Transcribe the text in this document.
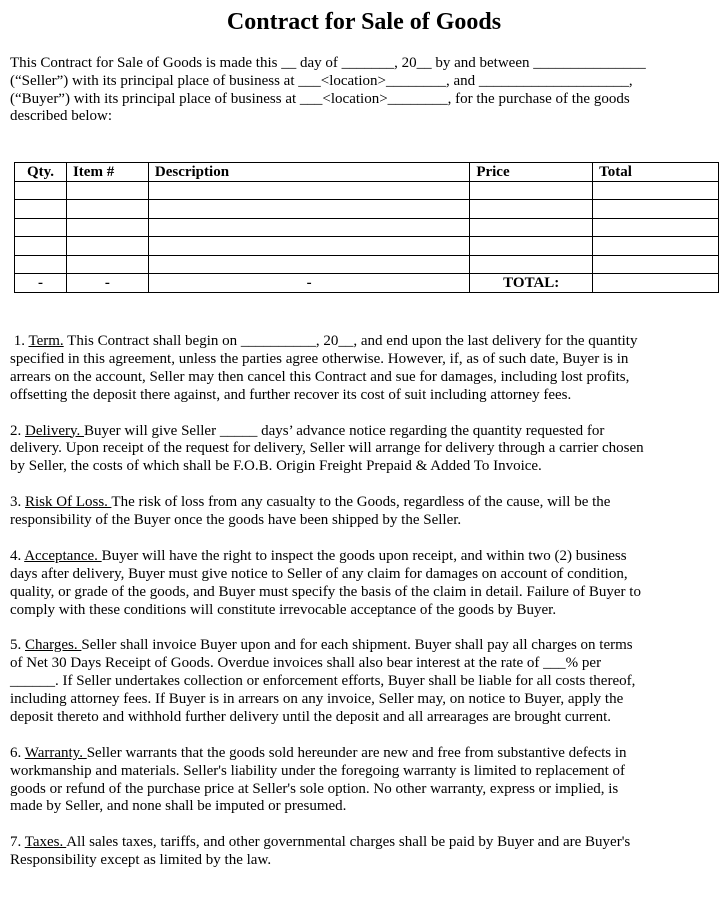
Contract for Sale of Goods

This Contract for Sale of Goods is made this __ day of _______, 20__ by and between _______________
(“Seller”) with its principal place of business at ___<location>________, and ____________________,
(“Buyer”) with its principal place of business at ___<location>________, for the purchase of the goods
described below:

Qty.	Item #	Description	Price	Total

-	-	-	TOTAL:	

1. Term. This Contract shall begin on __________, 20__, and end upon the last delivery for the quantity
specified in this agreement, unless the parties agree otherwise. However, if, as of such date, Buyer is in
arrears on the account, Seller may then cancel this Contract and sue for damages, including lost profits,
offsetting the deposit there against, and further recover its cost of suit including attorney fees.

2. Delivery. Buyer will give Seller _____ days’ advance notice regarding the quantity requested for
delivery. Upon receipt of the request for delivery, Seller will arrange for delivery through a carrier chosen
by Seller, the costs of which shall be F.O.B. Origin Freight Prepaid & Added To Invoice.

3. Risk Of Loss. The risk of loss from any casualty to the Goods, regardless of the cause, will be the
responsibility of the Buyer once the goods have been shipped by the Seller.

4. Acceptance. Buyer will have the right to inspect the goods upon receipt, and within two (2) business
days after delivery, Buyer must give notice to Seller of any claim for damages on account of condition,
quality, or grade of the goods, and Buyer must specify the basis of the claim in detail. Failure of Buyer to
comply with these conditions will constitute irrevocable acceptance of the goods by Buyer.

5. Charges. Seller shall invoice Buyer upon and for each shipment. Buyer shall pay all charges on terms
of Net 30 Days Receipt of Goods. Overdue invoices shall also bear interest at the rate of ___% per
______. If Seller undertakes collection or enforcement efforts, Buyer shall be liable for all costs thereof,
including attorney fees. If Buyer is in arrears on any invoice, Seller may, on notice to Buyer, apply the
deposit thereto and withhold further delivery until the deposit and all arrearages are brought current.

6. Warranty. Seller warrants that the goods sold hereunder are new and free from substantive defects in
workmanship and materials. Seller's liability under the foregoing warranty is limited to replacement of
goods or refund of the purchase price at Seller's sole option. No other warranty, express or implied, is
made by Seller, and none shall be imputed or presumed.

7. Taxes. All sales taxes, tariffs, and other governmental charges shall be paid by Buyer and are Buyer's
Responsibility except as limited by the law.
